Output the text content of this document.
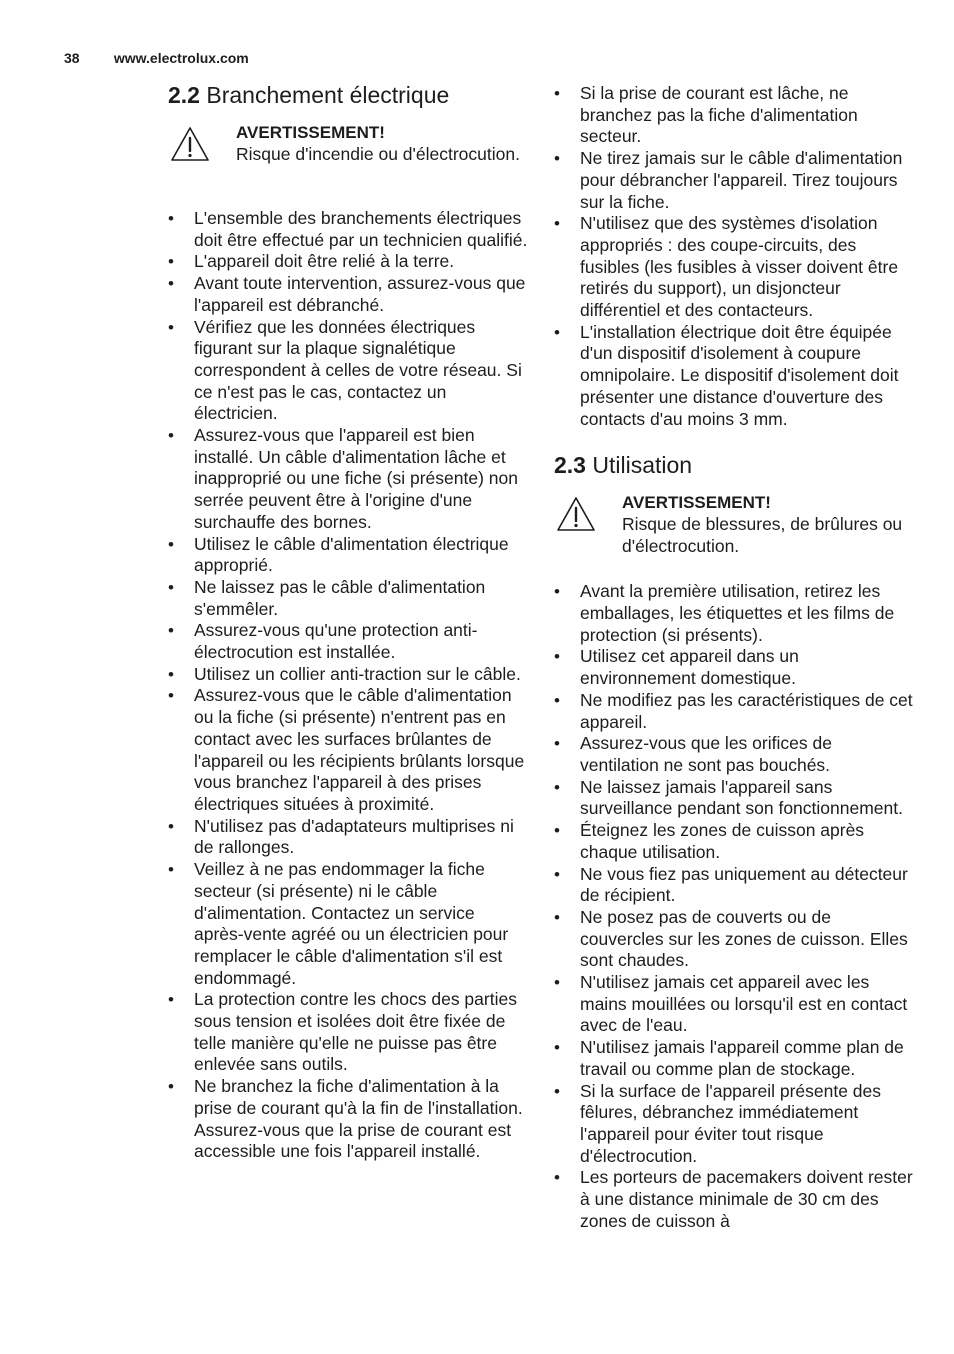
38 www.electrolux.com
2.2 Branchement électrique
AVERTISSEMENT!
Risque d'incendie ou d'électrocution.
• L'ensemble des branchements électriques doit être effectué par un technicien qualifié.
• L'appareil doit être relié à la terre.
• Avant toute intervention, assurez-vous que l'appareil est débranché.
• Vérifiez que les données électriques figurant sur la plaque signalétique correspondent à celles de votre réseau. Si ce n'est pas le cas, contactez un électricien.
• Assurez-vous que l'appareil est bien installé. Un câble d'alimentation lâche et inapproprié ou une fiche (si présente) non serrée peuvent être à l'origine d'une surchauffe des bornes.
• Utilisez le câble d'alimentation électrique approprié.
• Ne laissez pas le câble d'alimentation s'emmêler.
• Assurez-vous qu'une protection anti-électrocution est installée.
• Utilisez un collier anti-traction sur le câble.
• Assurez-vous que le câble d'alimentation ou la fiche (si présente) n'entrent pas en contact avec les surfaces brûlantes de l'appareil ou les récipients brûlants lorsque vous branchez l'appareil à des prises électriques situées à proximité.
• N'utilisez pas d'adaptateurs multiprises ni de rallonges.
• Veillez à ne pas endommager la fiche secteur (si présente) ni le câble d'alimentation. Contactez un service après-vente agréé ou un électricien pour remplacer le câble d'alimentation s'il est endommagé.
• La protection contre les chocs des parties sous tension et isolées doit être fixée de telle manière qu'elle ne puisse pas être enlevée sans outils.
• Ne branchez la fiche d'alimentation à la prise de courant qu'à la fin de l'installation. Assurez-vous que la prise de courant est accessible une fois l'appareil installé.
• Si la prise de courant est lâche, ne branchez pas la fiche d'alimentation secteur.
• Ne tirez jamais sur le câble d'alimentation pour débrancher l'appareil. Tirez toujours sur la fiche.
• N'utilisez que des systèmes d'isolation appropriés : des coupe-circuits, des fusibles (les fusibles à visser doivent être retirés du support), un disjoncteur différentiel et des contacteurs.
• L'installation électrique doit être équipée d'un dispositif d'isolement à coupure omnipolaire. Le dispositif d'isolement doit présenter une distance d'ouverture des contacts d'au moins 3 mm.
2.3 Utilisation
AVERTISSEMENT!
Risque de blessures, de brûlures ou d'électrocution.
• Avant la première utilisation, retirez les emballages, les étiquettes et les films de protection (si présents).
• Utilisez cet appareil dans un environnement domestique.
• Ne modifiez pas les caractéristiques de cet appareil.
• Assurez-vous que les orifices de ventilation ne sont pas bouchés.
• Ne laissez jamais l'appareil sans surveillance pendant son fonctionnement.
• Éteignez les zones de cuisson après chaque utilisation.
• Ne vous fiez pas uniquement au détecteur de récipient.
• Ne posez pas de couverts ou de couvercles sur les zones de cuisson. Elles sont chaudes.
• N'utilisez jamais cet appareil avec les mains mouillées ou lorsqu'il est en contact avec de l'eau.
• N'utilisez jamais l'appareil comme plan de travail ou comme plan de stockage.
• Si la surface de l'appareil présente des fêlures, débranchez immédiatement l'appareil pour éviter tout risque d'électrocution.
• Les porteurs de pacemakers doivent rester à une distance minimale de 30 cm des zones de cuisson à
